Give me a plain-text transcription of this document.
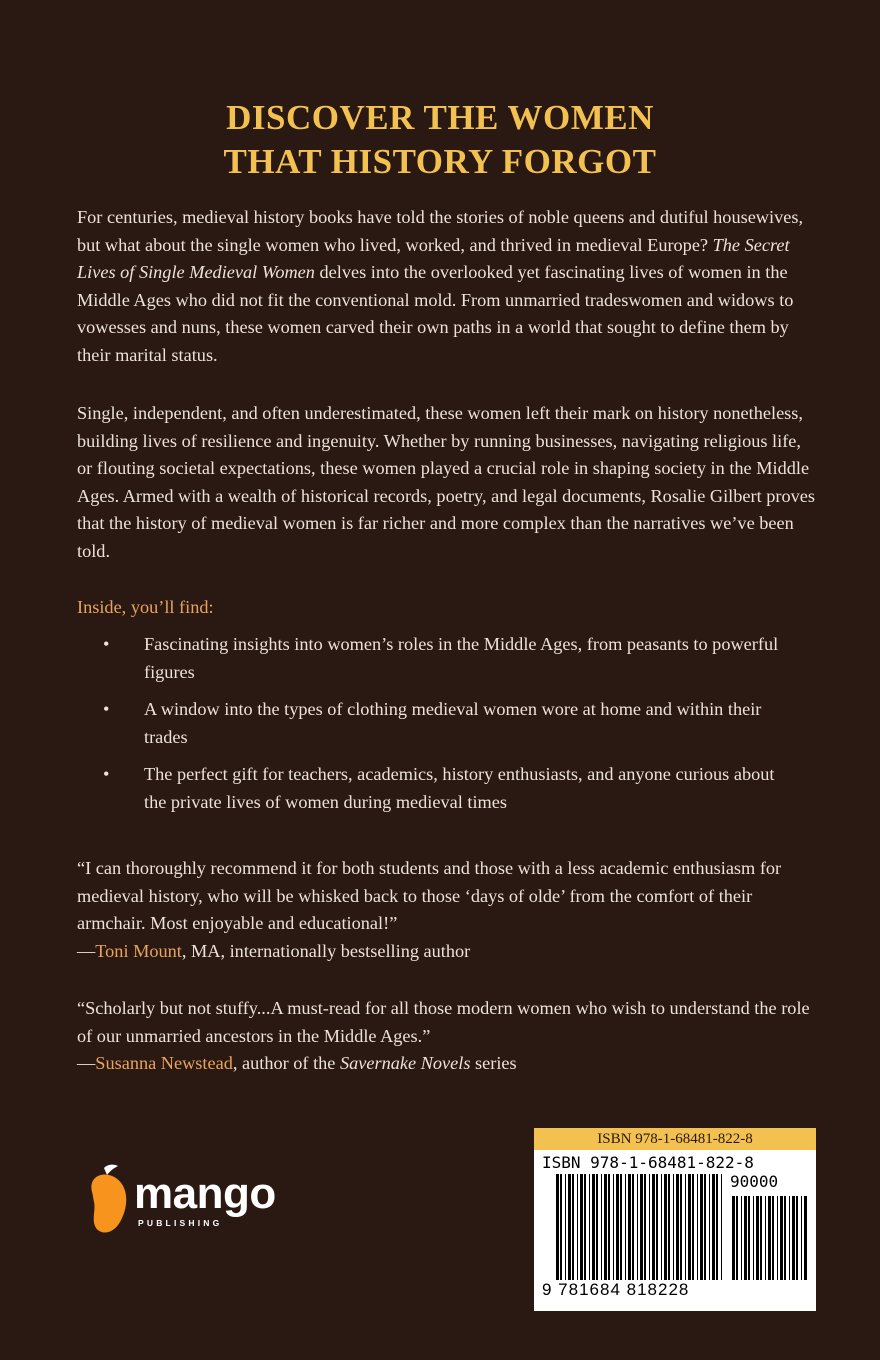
DISCOVER THE WOMEN
THAT HISTORY FORGOT

For centuries, medieval history books have told the stories of noble queens and dutiful housewives, but what about the single women who lived, worked, and thrived in medieval Europe? The Secret Lives of Single Medieval Women delves into the overlooked yet fascinating lives of women in the Middle Ages who did not fit the conventional mold. From unmarried tradeswomen and widows to vowesses and nuns, these women carved their own paths in a world that sought to define them by their marital status.

Single, independent, and often underestimated, these women left their mark on history nonetheless, building lives of resilience and ingenuity. Whether by running businesses, navigating religious life, or flouting societal expectations, these women played a crucial role in shaping society in the Middle Ages. Armed with a wealth of historical records, poetry, and legal documents, Rosalie Gilbert proves that the history of medieval women is far richer and more complex than the narratives we’ve been told.

Inside, you’ll find:

• Fascinating insights into women’s roles in the Middle Ages, from peasants to powerful figures
• A window into the types of clothing medieval women wore at home and within their trades
• The perfect gift for teachers, academics, history enthusiasts, and anyone curious about the private lives of women during medieval times
“I can thoroughly recommend it for both students and those with a less academic enthusiasm for medieval history, who will be whisked back to those ‘days of olde’ from the comfort of their armchair. Most enjoyable and educational!”
—Toni Mount, MA, internationally bestselling author
“Scholarly but not stuffy...A must-read for all those modern women who wish to understand the role of our unmarried ancestors in the Middle Ages.”
—Susanna Newstead, author of the Savernake Novels series
mango
PUBLISHING
ISBN 978-1-68481-822-8
ISBN 978-1-68481-822-8
90000
9 781684 818228
